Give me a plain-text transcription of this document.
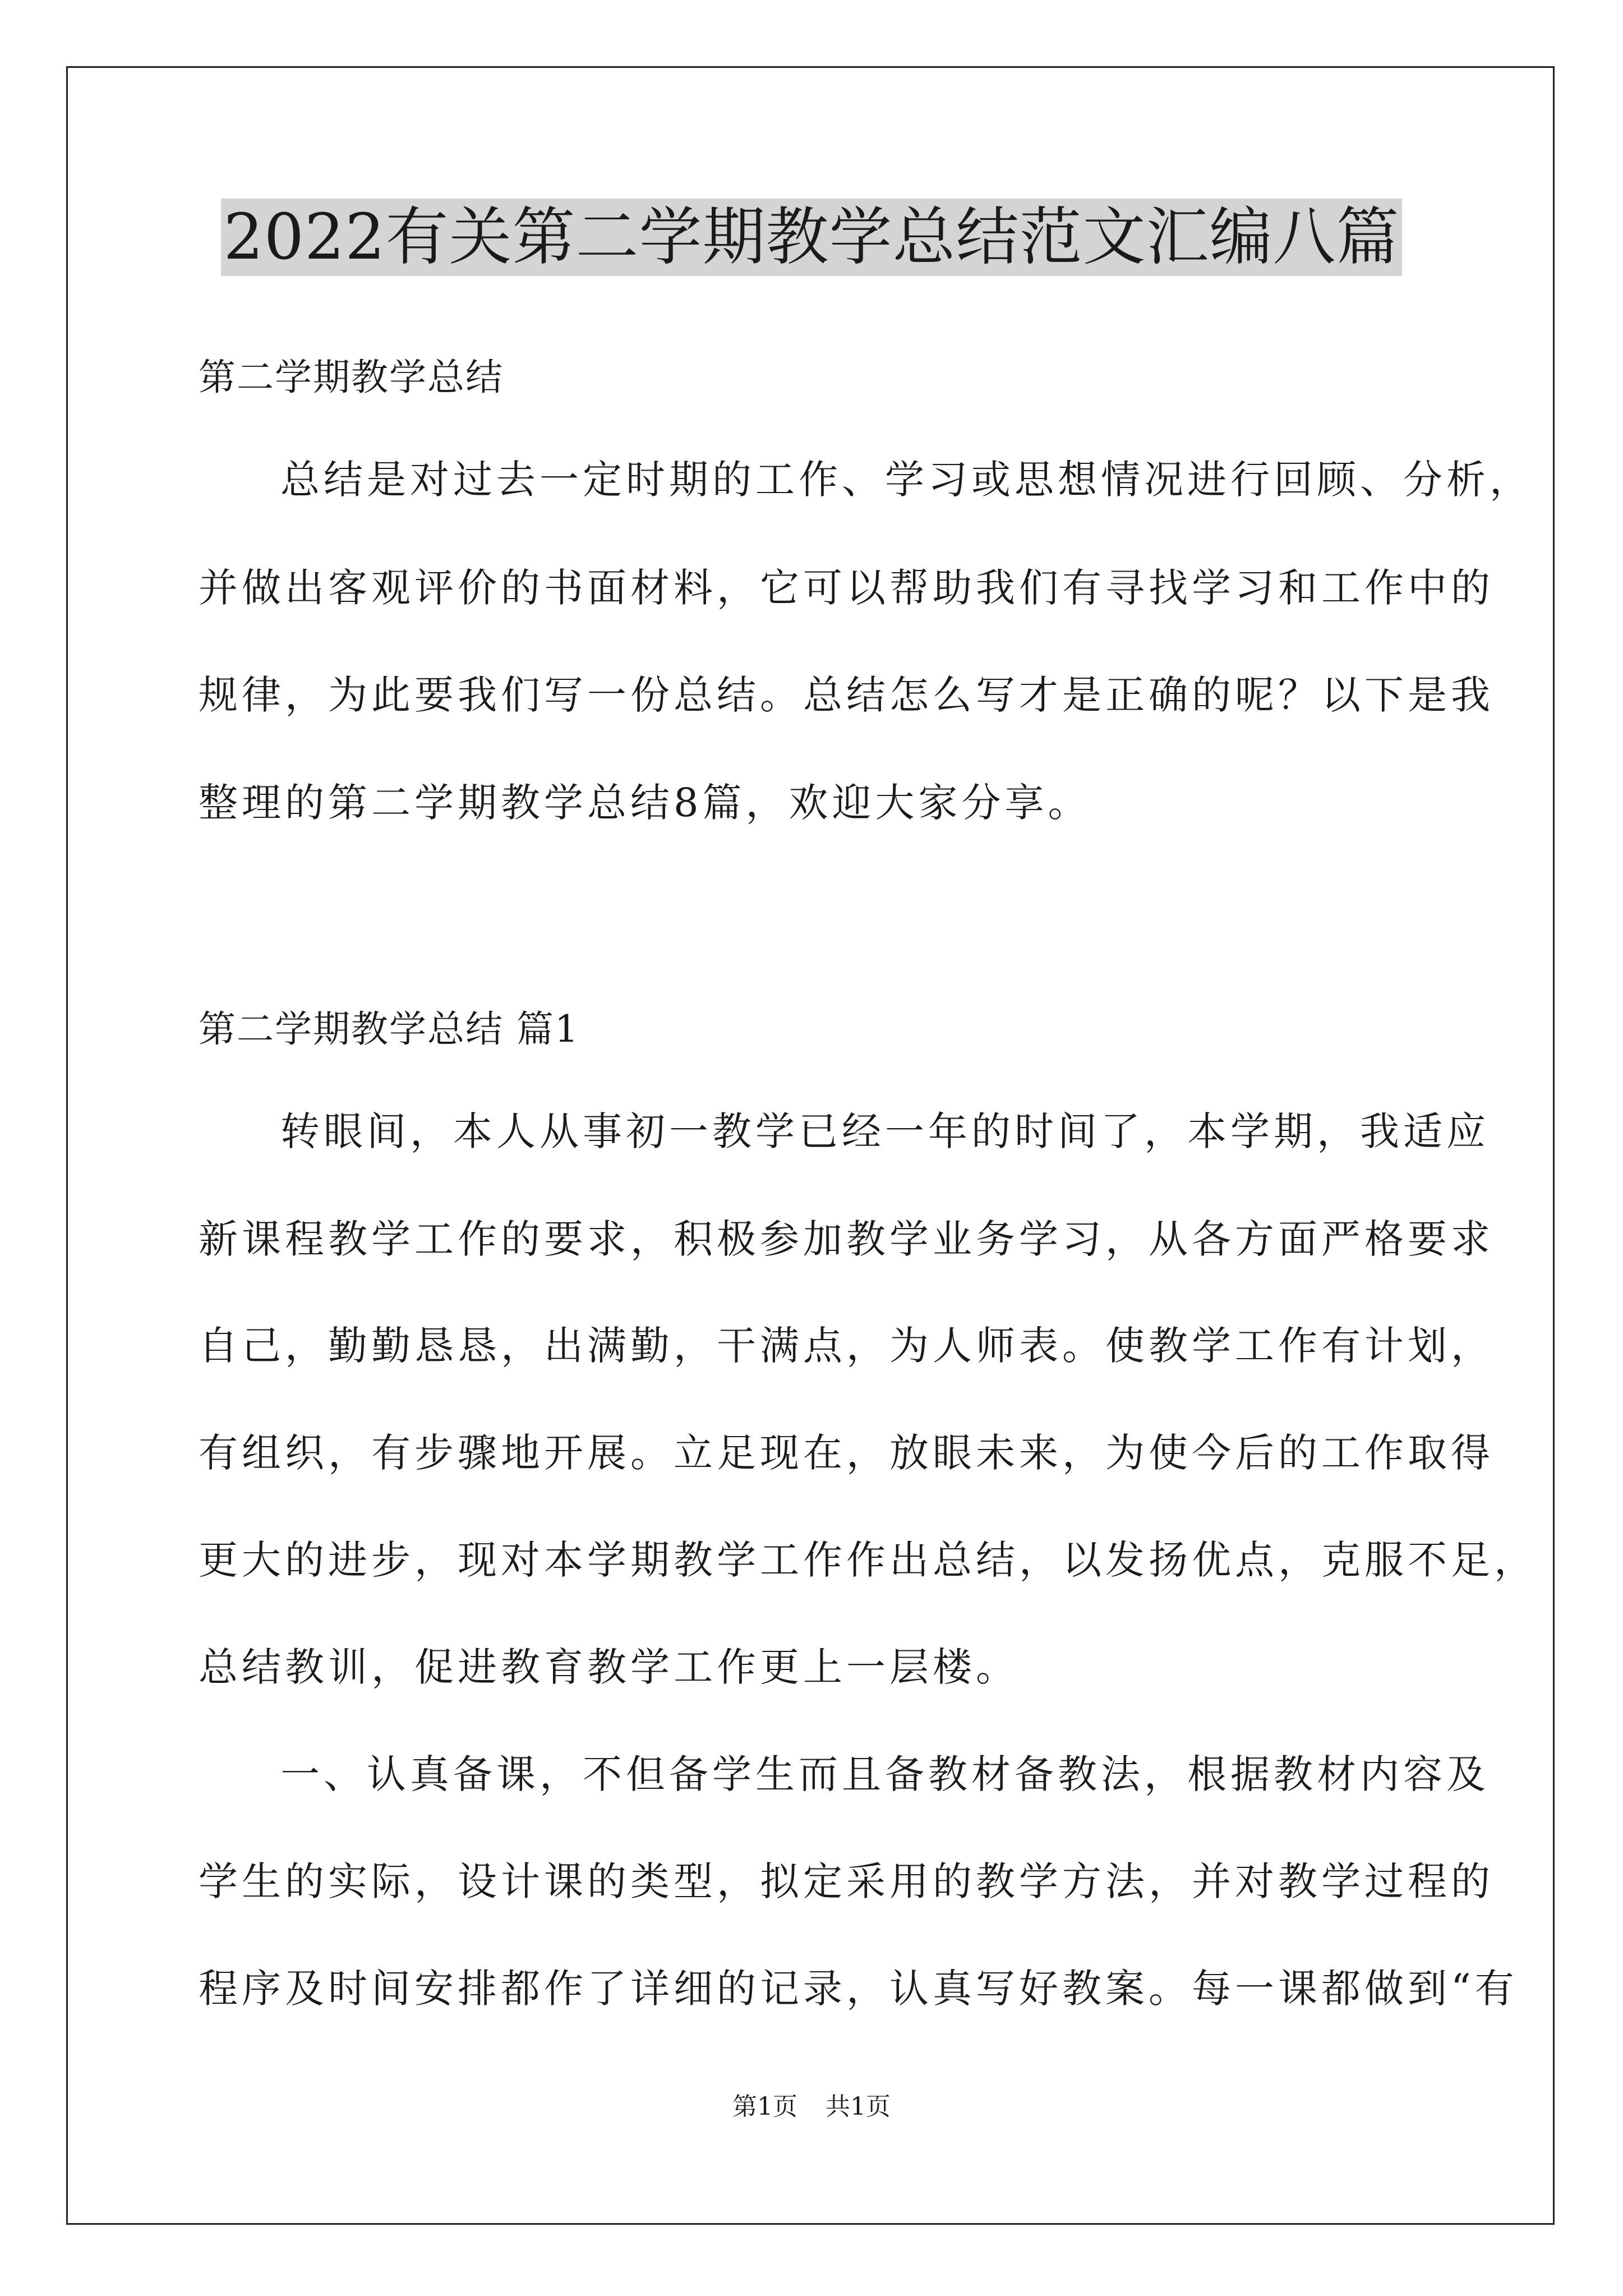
2022有关第二学期教学总结范文汇编八篇
第二学期教学总结
总结是对过去一定时期的工作、学习或思想情况进行回顾、分析，
并做出客观评价的书面材料，它可以帮助我们有寻找学习和工作中的
规律，为此要我们写一份总结。总结怎么写才是正确的呢？以下是我
整理的第二学期教学总结8篇，欢迎大家分享。
第二学期教学总结 篇1
转眼间，本人从事初一教学已经一年的时间了，本学期，我适应
新课程教学工作的要求，积极参加教学业务学习，从各方面严格要求
自己，勤勤恳恳，出满勤，干满点，为人师表。使教学工作有计划，
有组织，有步骤地开展。立足现在，放眼未来，为使今后的工作取得
更大的进步，现对本学期教学工作作出总结，以发扬优点，克服不足，
总结教训，促进教育教学工作更上一层楼。
一、认真备课，不但备学生而且备教材备教法，根据教材内容及
学生的实际，设计课的类型，拟定采用的教学方法，并对教学过程的
程序及时间安排都作了详细的记录，认真写好教案。每一课都做到“有
第1页 共1页
